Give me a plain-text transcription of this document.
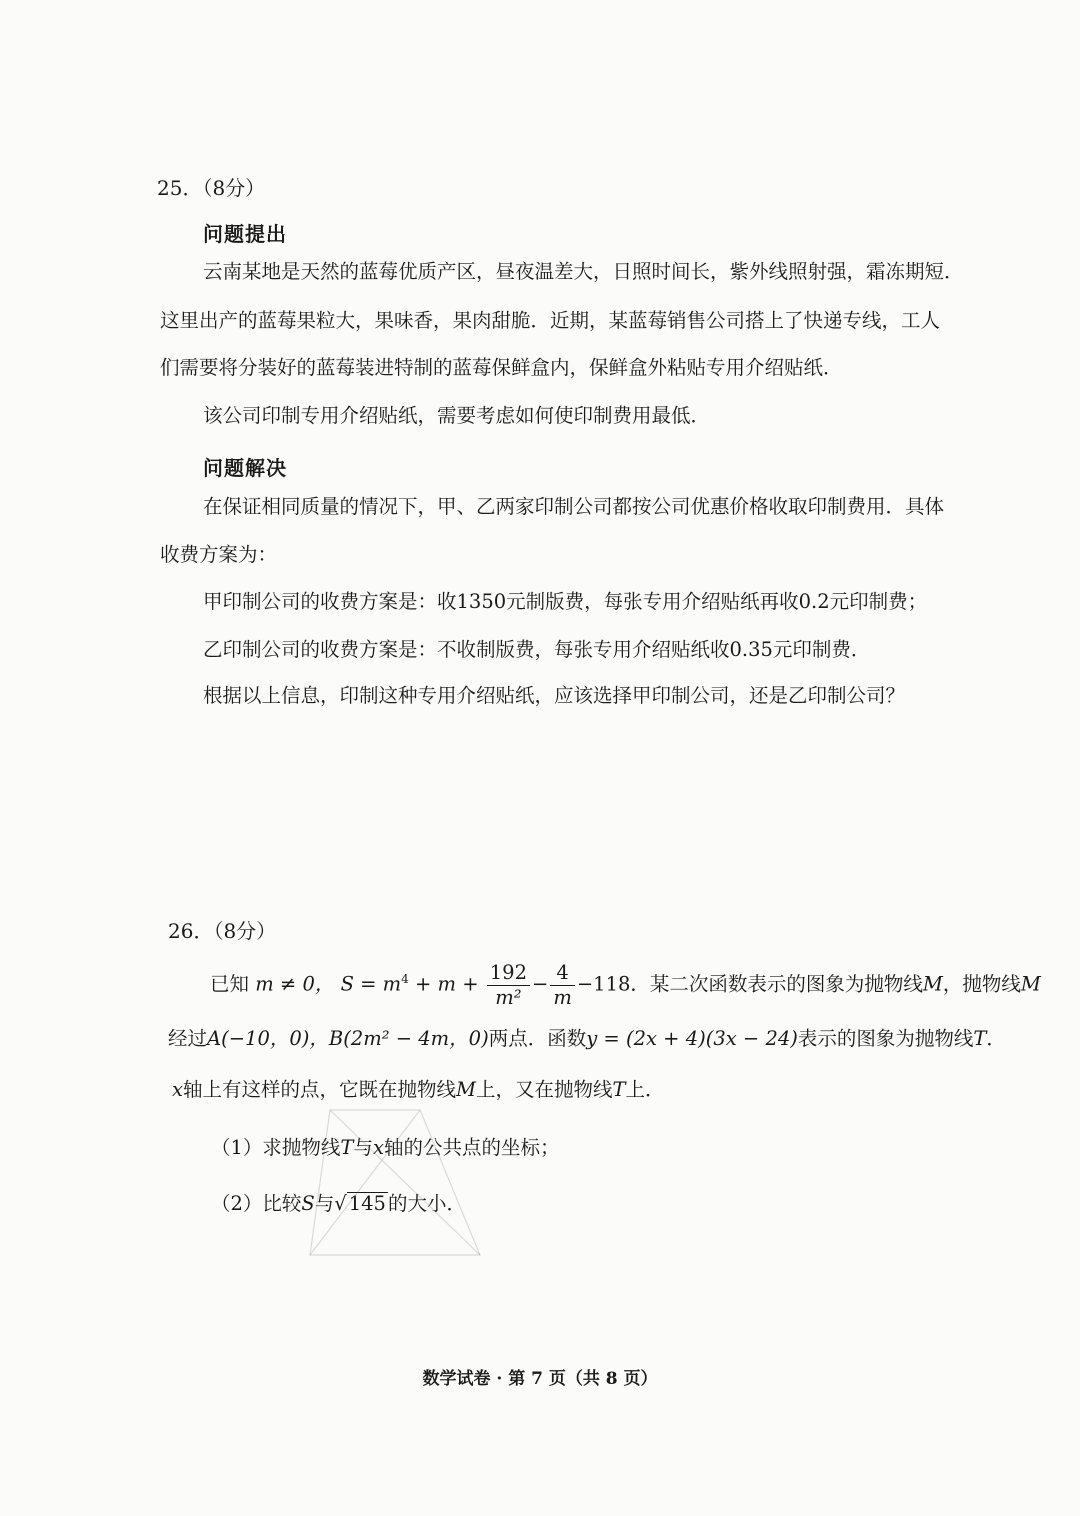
25．（8分）
问题提出
云南某地是天然的蓝莓优质产区，昼夜温差大，日照时间长，紫外线照射强，霜冻期短．
这里出产的蓝莓果粒大，果味香，果肉甜脆．近期，某蓝莓销售公司搭上了快递专线，工人
们需要将分装好的蓝莓装进特制的蓝莓保鲜盒内，保鲜盒外粘贴专用介绍贴纸．
该公司印制专用介绍贴纸，需要考虑如何使印制费用最低．
问题解决
在保证相同质量的情况下，甲、乙两家印制公司都按公司优惠价格收取印制费用．具体
收费方案为：
甲印制公司的收费方案是：收1350元制版费，每张专用介绍贴纸再收0.2元印制费；
乙印制公司的收费方案是：不收制版费，每张专用介绍贴纸收0.35元印制费．
根据以上信息，印制这种专用介绍贴纸，应该选择甲印制公司，还是乙印制公司？
26．（8分）
已知 m ≠ 0， $S = m^4 + m + \frac{192}{\text{m²}} - \frac{4}{m} -118$．某二次函数表示的图象为抛物线M，抛物线M
经过A(−10，0)，B(2m² − 4m，0)两点．函数y = (2x + 4)(3x − 24)表示的图象为抛物线T．
x轴上有这样的点，它既在抛物线M上，又在抛物线T上．
（1）求抛物线T与x轴的公共点的坐标；
（2）比较S与√ 145 的大小．
数学试卷 · 第 7 页（共 8 页）
